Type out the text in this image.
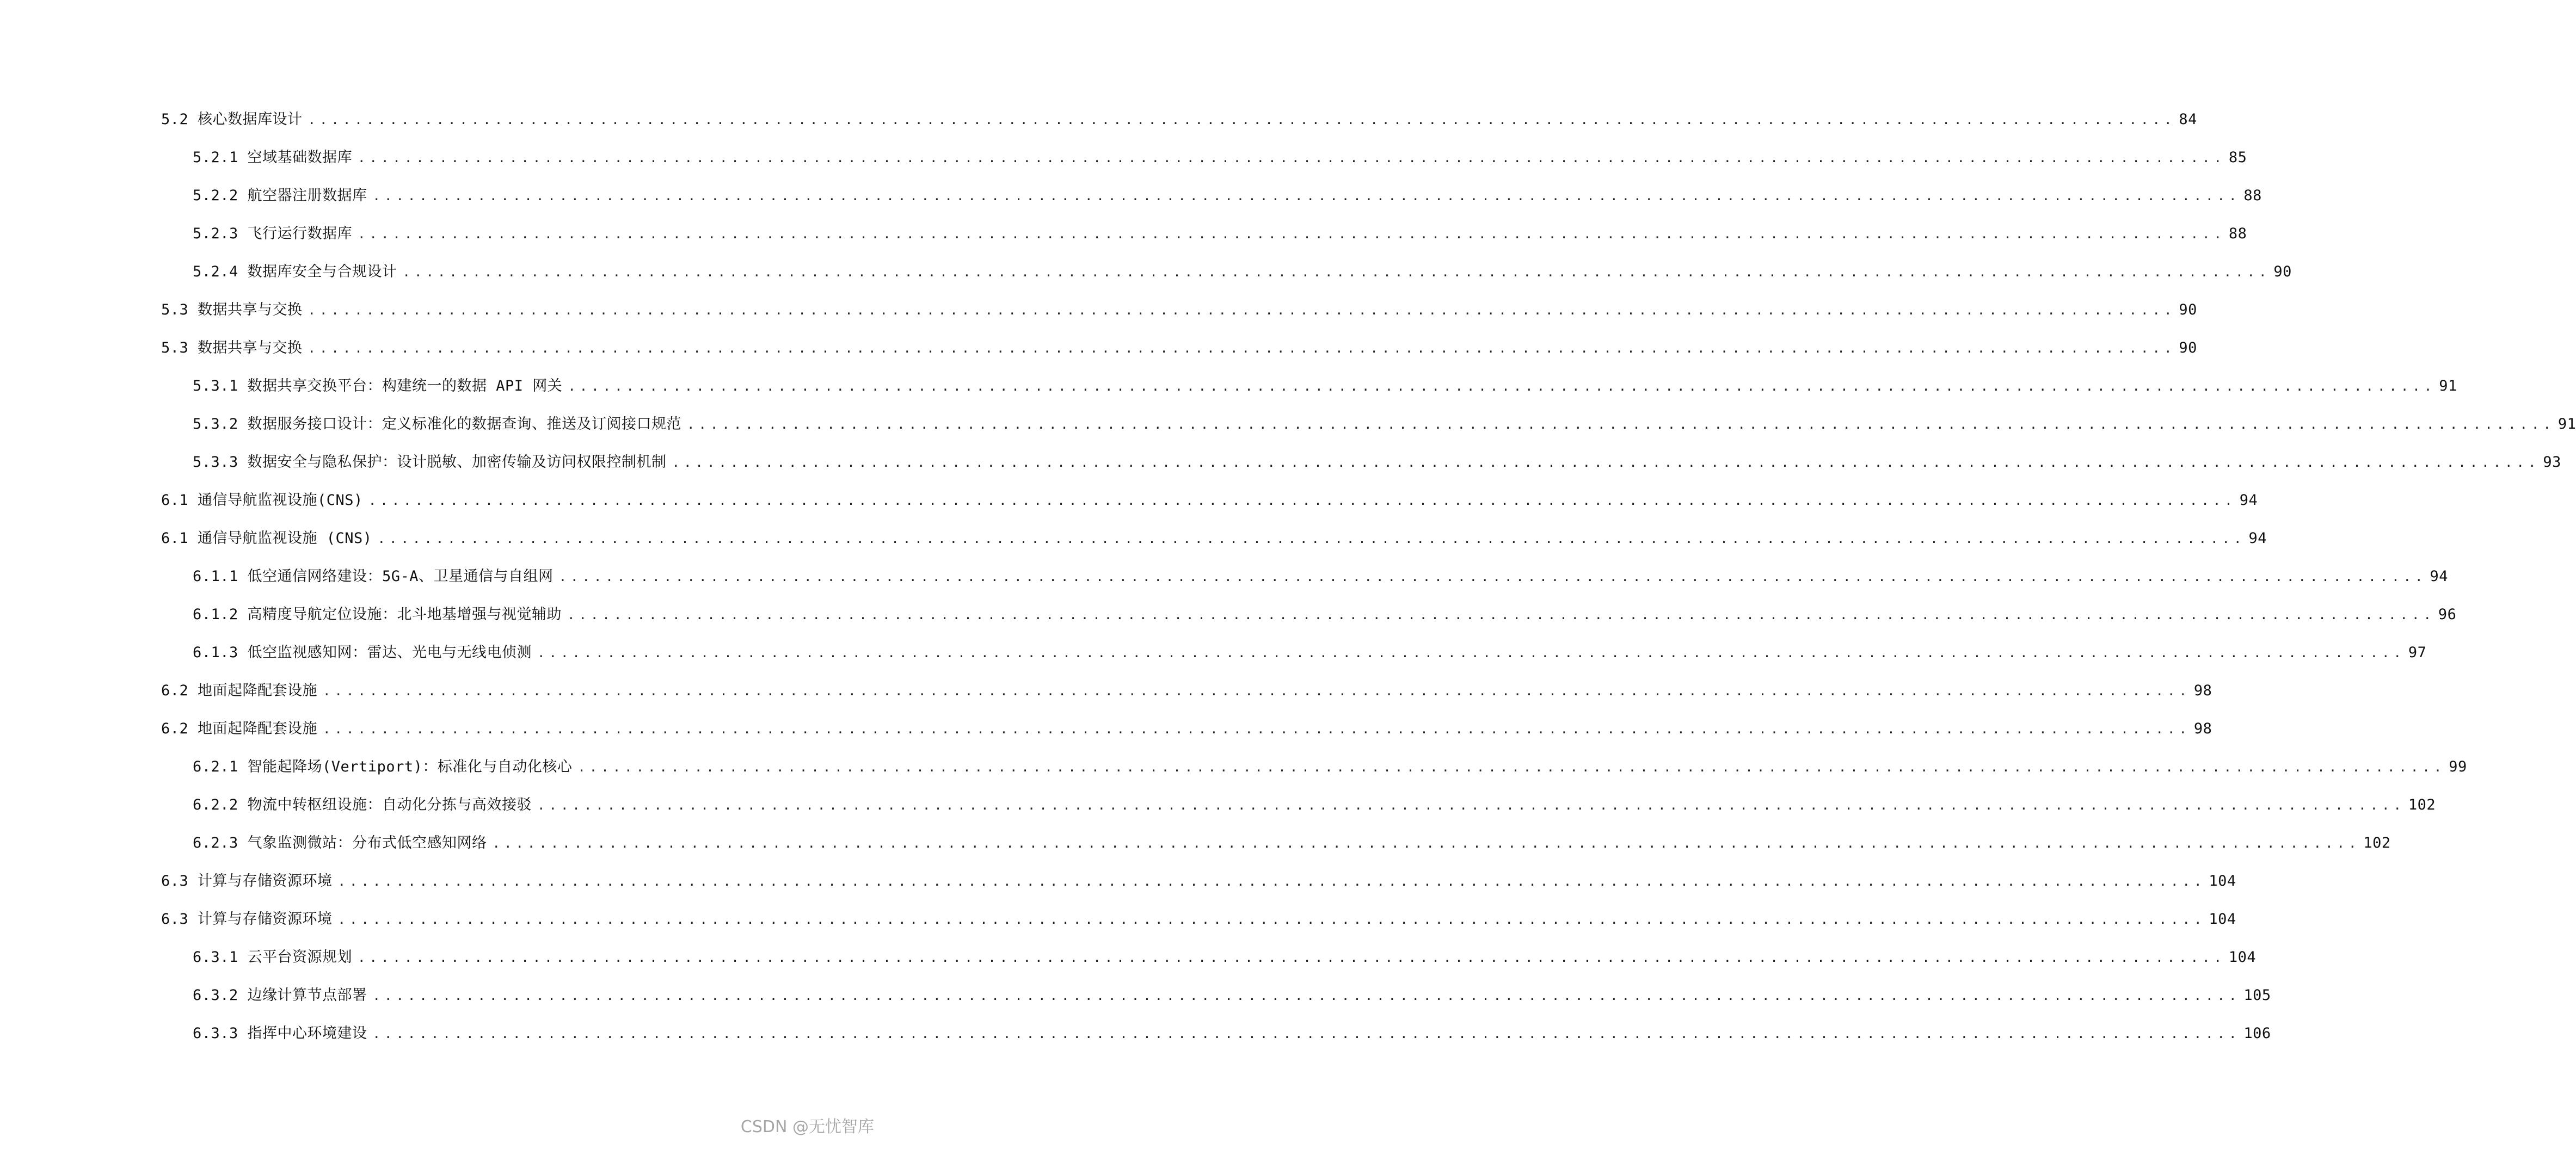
5.2 核心数据库设计 ................................................................................................................................................................ 84
5.2.1 空域基础数据库 ................................................................................................................................................................ 85
5.2.2 航空器注册数据库 ................................................................................................................................................................ 88
5.2.3 飞行运行数据库 ................................................................................................................................................................ 88
5.2.4 数据库安全与合规设计 ................................................................................................................................................................ 90
5.3 数据共享与交换 ................................................................................................................................................................ 90
5.3 数据共享与交换 ................................................................................................................................................................ 90
5.3.1 数据共享交换平台：构建统一的数据 API 网关 ................................................................................................................................................................ 91
5.3.2 数据服务接口设计：定义标准化的数据查询、推送及订阅接口规范 ................................................................................................................................................................ 91
5.3.3 数据安全与隐私保护：设计脱敏、加密传输及访问权限控制机制 ................................................................................................................................................................ 93
6.1 通信导航监视设施(CNS) ................................................................................................................................................................ 94
6.1 通信导航监视设施 (CNS) ................................................................................................................................................................ 94
6.1.1 低空通信网络建设：5G-A、卫星通信与自组网 ................................................................................................................................................................ 94
6.1.2 高精度导航定位设施：北斗地基增强与视觉辅助 ................................................................................................................................................................ 96
6.1.3 低空监视感知网：雷达、光电与无线电侦测 ................................................................................................................................................................ 97
6.2 地面起降配套设施 ................................................................................................................................................................ 98
6.2 地面起降配套设施 ................................................................................................................................................................ 98
6.2.1 智能起降场(Vertiport)：标准化与自动化核心 ................................................................................................................................................................ 99
6.2.2 物流中转枢纽设施：自动化分拣与高效接驳 ................................................................................................................................................................ 102
6.2.3 气象监测微站：分布式低空感知网络 ................................................................................................................................................................ 102
6.3 计算与存储资源环境 ................................................................................................................................................................ 104
6.3 计算与存储资源环境 ................................................................................................................................................................ 104
6.3.1 云平台资源规划 ................................................................................................................................................................ 104
6.3.2 边缘计算节点部署 ................................................................................................................................................................ 105
6.3.3 指挥中心环境建设 ................................................................................................................................................................ 106
CSDN @无忧智库
